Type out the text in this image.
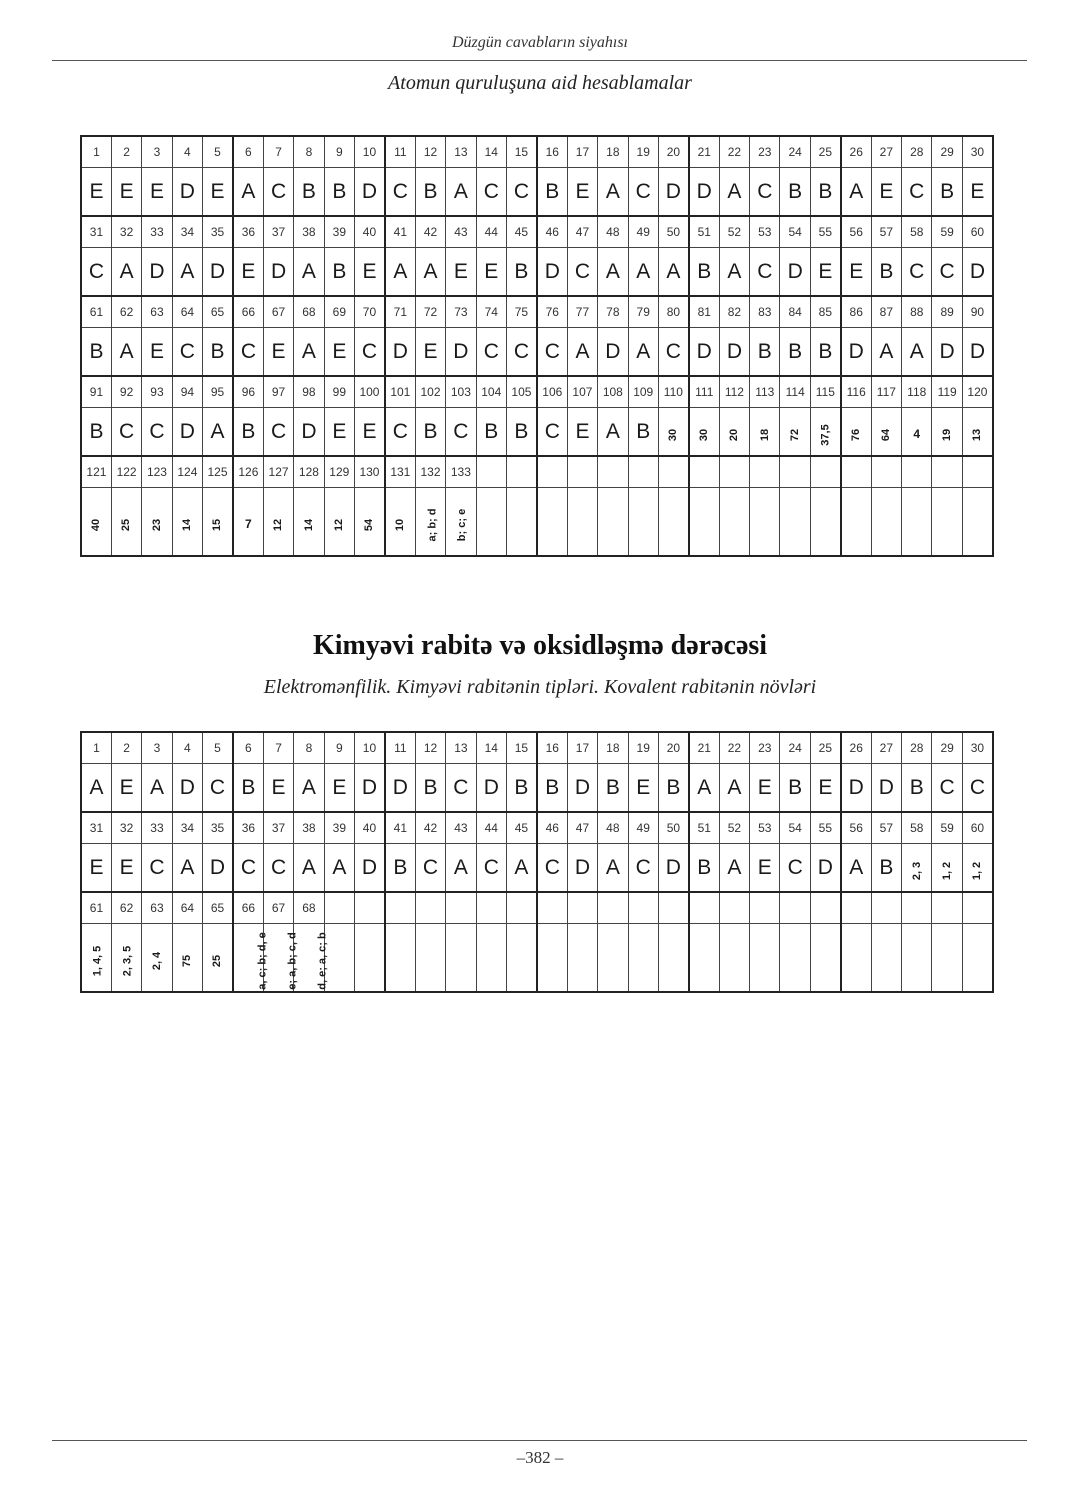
Düzgün cavabların siyahısı
Atomun quruluşuna aid hesablamalar
1	2	3	4	5	6	7	8	9	10	11	12	13	14	15	16	17	18	19	20	21	22	23	24	25	26	27	28	29	30
E	E	E	D	E	A	C	B	B	D	C	B	A	C	C	B	E	A	C	D	D	A	C	B	B	A	E	C	B	E
31	32	33	34	35	36	37	38	39	40	41	42	43	44	45	46	47	48	49	50	51	52	53	54	55	56	57	58	59	60
C	A	D	A	D	E	D	A	B	E	A	A	E	E	B	D	C	A	A	A	B	A	C	D	E	E	B	C	C	D
61	62	63	64	65	66	67	68	69	70	71	72	73	74	75	76	77	78	79	80	81	82	83	84	85	86	87	88	89	90
B	A	E	C	B	C	E	A	E	C	D	E	D	C	C	C	A	D	A	C	D	D	B	B	B	D	A	A	D	D
91	92	93	94	95	96	97	98	99	100	101	102	103	104	105	106	107	108	109	110	111	112	113	114	115	116	117	118	119	120
B	C	C	D	A	B	C	D	E	E	C	B	C	B	B	C	E	A	B	30	30	20	18	72	37,5	76	64	4	19	13
121	122	123	124	125	126	127	128	129	130	131	132	133																	
40	25	23	14	15	7	12	14	12	54	10	a; b; d	b; c; e																	
Kimyəvi rabitə və oksidləşmə dərəcəsi
Elektromənfilik. Kimyəvi rabitənin tipləri. Kovalent rabitənin növləri
1	2	3	4	5	6	7	8	9	10	11	12	13	14	15	16	17	18	19	20	21	22	23	24	25	26	27	28	29	30
A	E	A	D	C	B	E	A	E	D	D	B	C	D	B	B	D	B	E	B	A	A	E	B	E	D	D	B	C	C
31	32	33	34	35	36	37	38	39	40	41	42	43	44	45	46	47	48	49	50	51	52	53	54	55	56	57	58	59	60
E	E	C	A	D	C	C	A	A	D	B	C	A	C	A	C	D	A	C	D	B	A	E	C	D	A	B	2, 3	1, 2	1, 2
61	62	63	64	65	66	67	68																						
1, 4, 5	2, 3, 5	2, 4	75	25	a, c; b; d, e	e; a, b; c, d	d, e; a, c; b																						
–382 –
